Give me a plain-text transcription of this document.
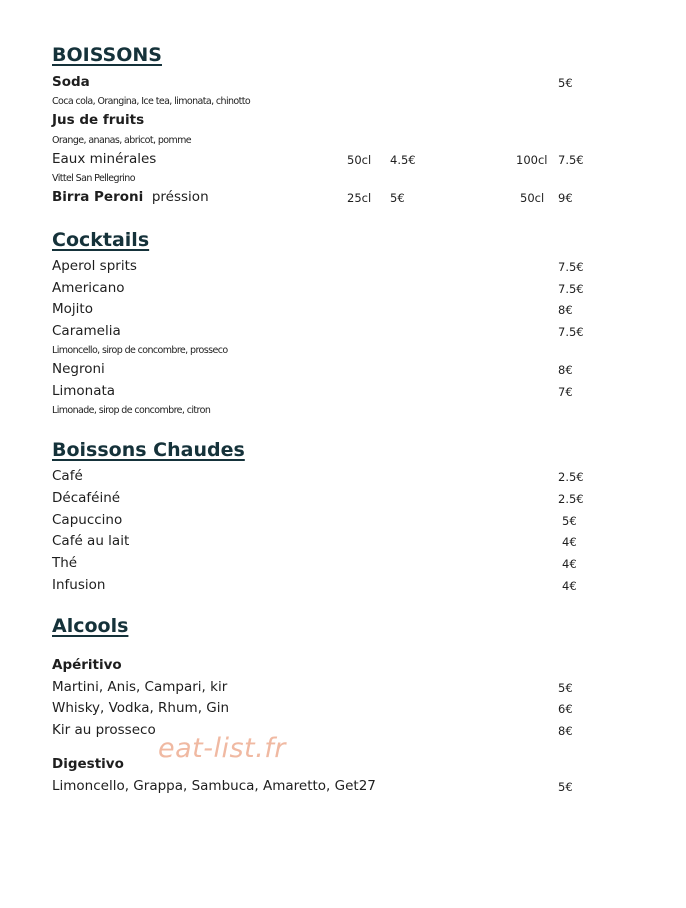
BOISSONS
Soda	5€
Coca cola, Orangina, Ice tea, limonata, chinotto
Jus de fruits
Orange, ananas, abricot, pomme
Eaux minérales	50cl 4.5€	100cl 7.5€
Vittel San Pellegrino
Birra Peroni préssion	25cl 5€	50cl 9€
Cocktails
Aperol sprits	7.5€
Americano	7.5€
Mojito	8€
Caramelia	7.5€
Limoncello, sirop de concombre, prosseco
Negroni	8€
Limonata	7€
Limonade, sirop de concombre, citron
Boissons Chaudes
Café	2.5€
Décaféiné	2.5€
Capuccino	5€
Café au lait	4€
Thé	4€
Infusion	4€
Alcools
Apéritivo
Martini, Anis, Campari, kir	5€
Whisky, Vodka, Rhum, Gin	6€
Kir au prosseco	8€
Digestivo
Limoncello, Grappa, Sambuca, Amaretto, Get27	5€
eat-list.fr
